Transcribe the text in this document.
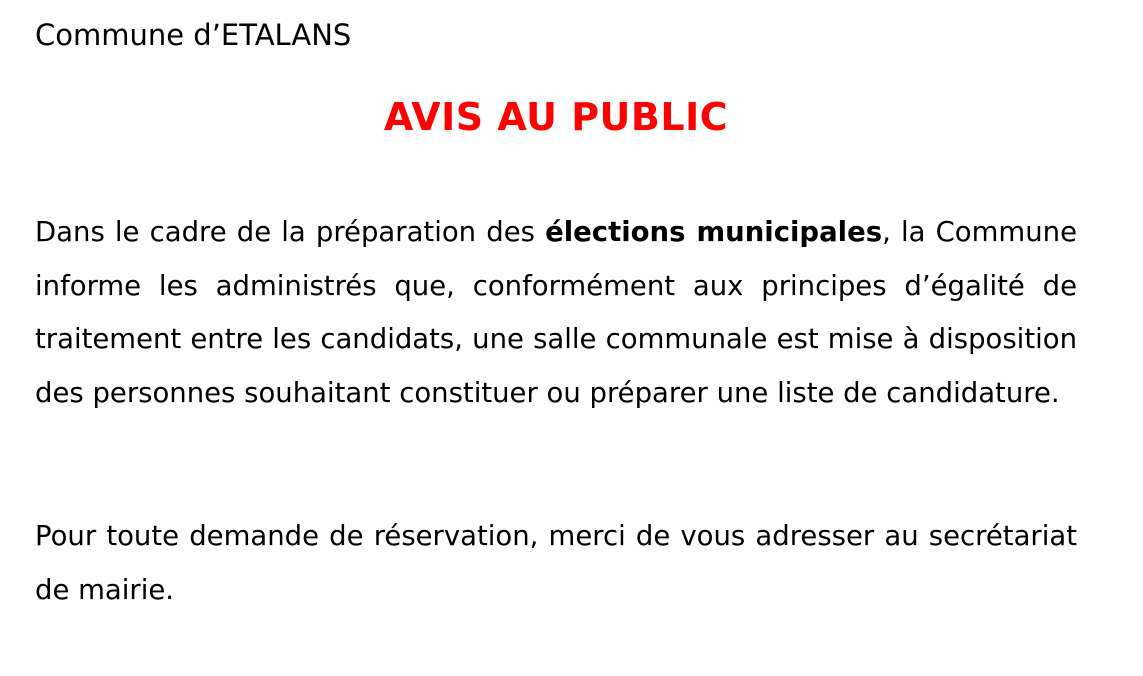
Commune d’ETALANS
AVIS AU PUBLIC

Dans le cadre de la préparation des élections municipales, la Commune informe les administrés que, conformément aux principes d’égalité de traitement entre les candidats, une salle communale est mise à disposition des personnes souhaitant constituer ou préparer une liste de candidature.

Pour toute demande de réservation, merci de vous adresser au secrétariat de mairie.
